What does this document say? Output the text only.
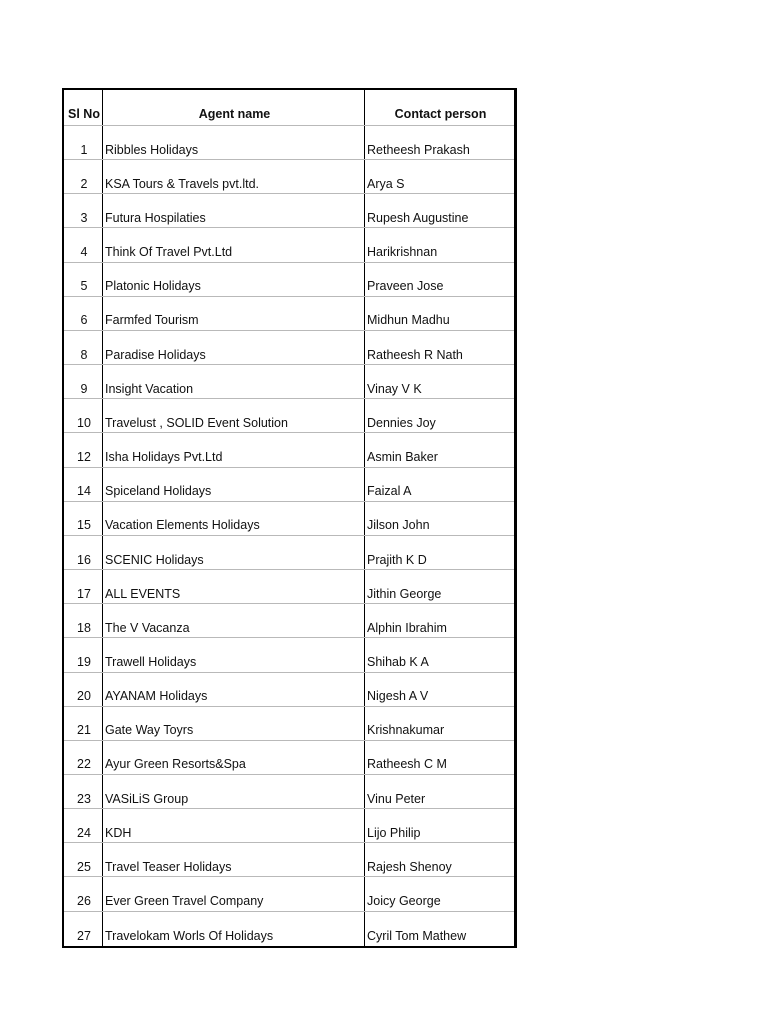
Sl No	Agent name	Contact person
1	Ribbles Holidays	Retheesh Prakash
2	KSA Tours & Travels pvt.ltd.	Arya S
3	Futura Hospilaties	Rupesh Augustine
4	Think Of Travel Pvt.Ltd	Harikrishnan
5	Platonic Holidays	Praveen Jose
6	Farmfed Tourism	Midhun Madhu
8	Paradise Holidays	Ratheesh R Nath
9	Insight Vacation	Vinay V K
10	Travelust , SOLID Event Solution	Dennies Joy
12	Isha Holidays Pvt.Ltd	Asmin Baker
14	Spiceland Holidays	Faizal A
15	Vacation Elements Holidays	Jilson John
16	SCENIC Holidays	Prajith K D
17	ALL EVENTS	Jithin George
18	The V Vacanza	Alphin Ibrahim
19	Trawell Holidays	Shihab K A
20	AYANAM Holidays	Nigesh A V
21	Gate Way Toyrs	Krishnakumar
22	Ayur Green Resorts&Spa	Ratheesh C M
23	VASiLiS Group	Vinu Peter
24	KDH	Lijo Philip
25	Travel Teaser Holidays	Rajesh Shenoy
26	Ever Green Travel Company	Joicy George
27	Travelokam Worls Of Holidays	Cyril Tom Mathew
